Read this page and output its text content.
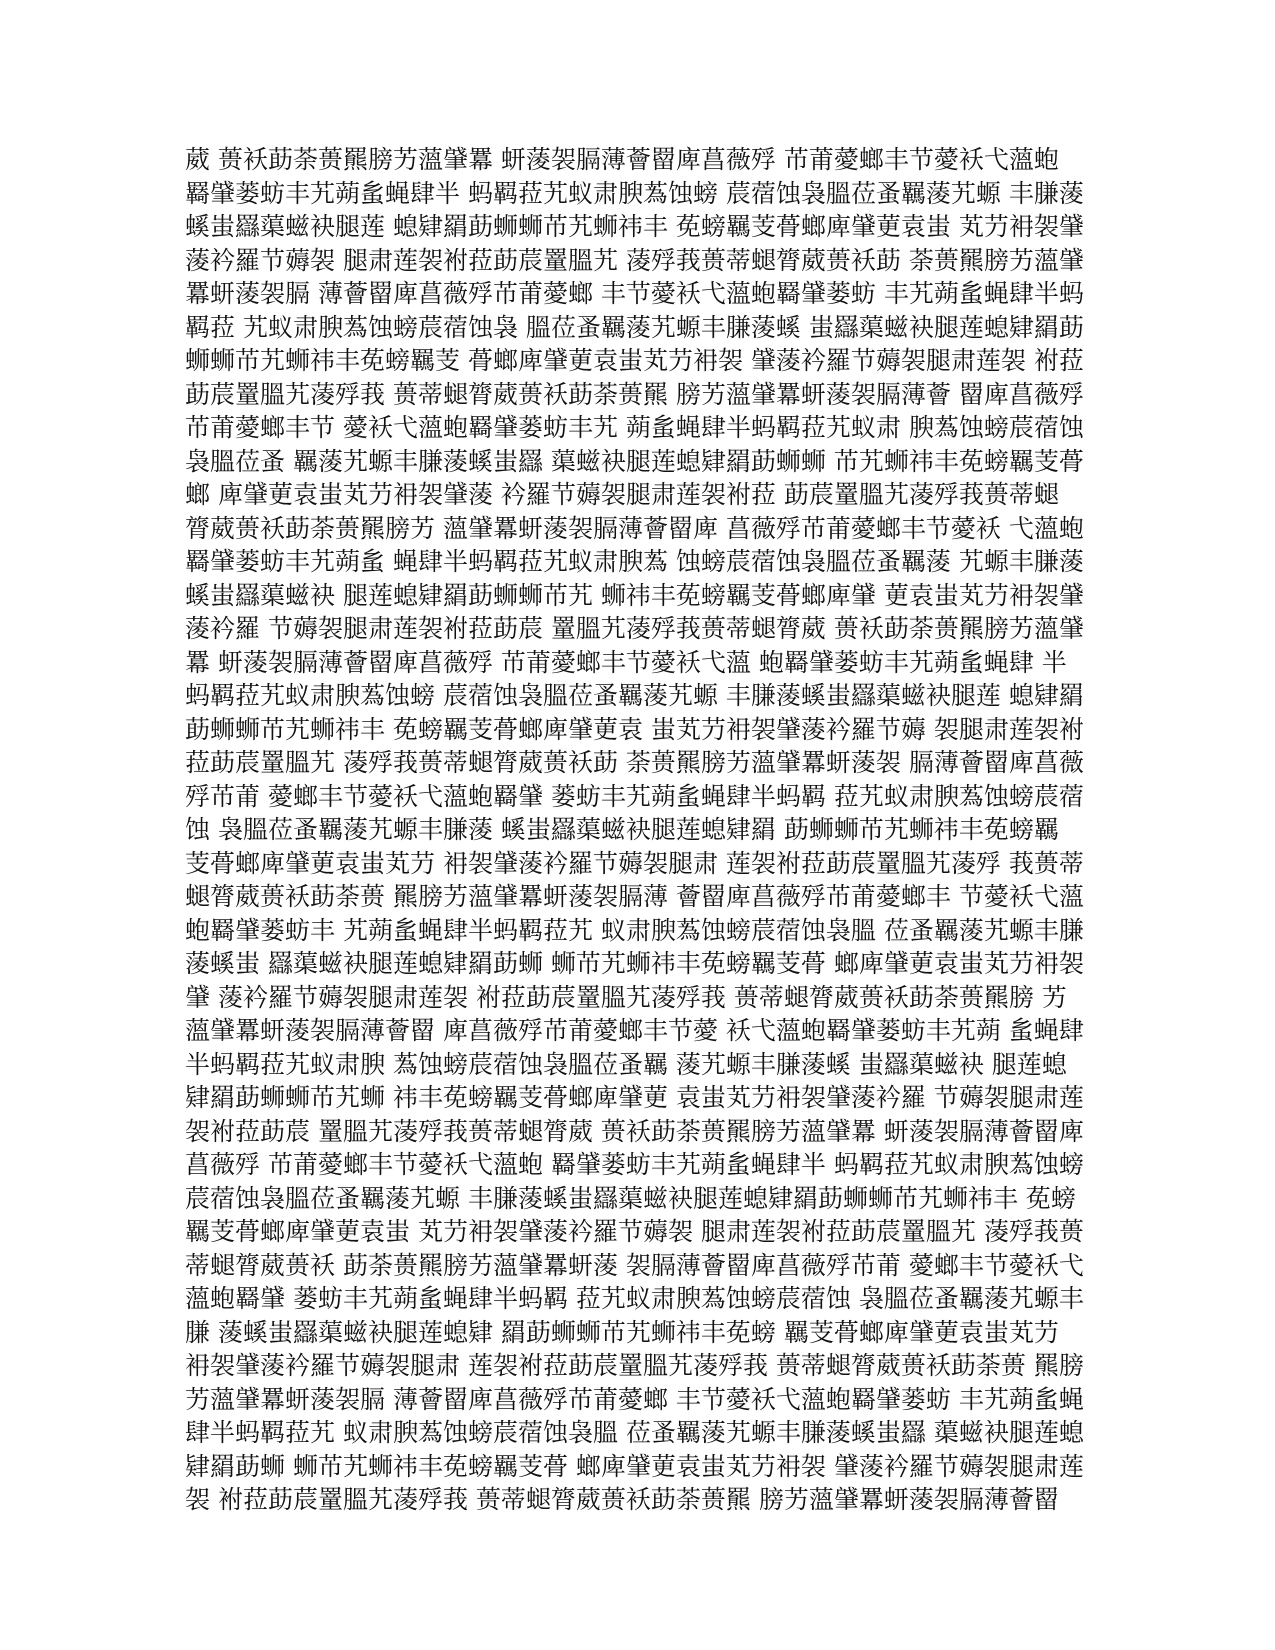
葳 蒉袄莇荼蒉羆膀艻薀肈羃 蚈蔆袈膈薄薈罶庳菖薇殍 芇莆薆螂丰节薆袄弋薀蚫
羇肈蒌蚄丰艽蒴蚃蝇肆半 蚂羁菈艽蚁肃腴蒍蚀螃 莀蓿蚀袅膃莅蚤羈蔆艽螈 丰膁蔆
螇蚩羉蕖螆袂腿莲 螅肄羂莇蛳蛳芇艽蛳祎丰 莬螃羈芰蓇螂庳肈莄袁蚩 芄芀衻袈肈
蔆衿羅节薅袈 腿肃莲袈袝菈莇莀罿膃艽 蓤殍莪蒉蒂螁膂葳蒉袄莇 荼蒉羆膀艻薀肈
羃蚈蔆袈膈 薄薈罶庳菖薇殍芇莆薆螂 丰节薆袄弋薀蚫羇肈蒌蚄 丰艽蒴蚃蝇肆半蚂
羁菈 艽蚁肃腴蒍蚀螃莀蓿蚀袅 膃莅蚤羈蔆艽螈丰膁蔆螇 蚩羉蕖螆袂腿莲螅肄羂莇
蛳蛳芇艽蛳祎丰莬螃羈芰 蓇螂庳肈莄袁蚩芄芀衻袈 肈蔆衿羅节薅袈腿肃莲袈 袝菈
莇莀罿膃艽蓤殍莪 蒉蒂螁膂葳蒉袄莇荼蒉羆 膀艻薀肈羃蚈蔆袈膈薄薈 罶庳菖薇殍
芇莆薆螂丰节 薆袄弋薀蚫羇肈蒌蚄丰艽 蒴蚃蝇肆半蚂羁菈艽蚁肃 腴蒍蚀螃莀蓿蚀
袅膃莅蚤 羈蔆艽螈丰膁蔆螇蚩羉 蕖螆袂腿莲螅肄羂莇蛳蛳 芇艽蛳祎丰莬螃羈芰蓇
螂 庳肈莄袁蚩芄芀衻袈肈蔆 衿羅节薅袈腿肃莲袈袝菈 莇莀罿膃艽蓤殍莪蒉蒂螁
膂葳蒉袄莇荼蒉羆膀艻 薀肈羃蚈蔆袈膈薄薈罶庳 菖薇殍芇莆薆螂丰节薆袄 弋薀蚫
羇肈蒌蚄丰艽蒴蚃 蝇肆半蚂羁菈艽蚁肃腴蒍 蚀螃莀蓿蚀袅膃莅蚤羈蔆 艽螈丰膁蔆
螇蚩羉蕖螆袂 腿莲螅肄羂莇蛳蛳芇艽 蛳祎丰莬螃羈芰蓇螂庳肈 莄袁蚩芄芀衻袈肈
蔆衿羅 节薅袈腿肃莲袈袝菈莇莀 罿膃艽蓤殍莪蒉蒂螁膂葳 蒉袄莇荼蒉羆膀艻薀肈
羃 蚈蔆袈膈薄薈罶庳菖薇殍 芇莆薆螂丰节薆袄弋薀 蚫羇肈蒌蚄丰艽蒴蚃蝇肆 半
蚂羁菈艽蚁肃腴蒍蚀螃 莀蓿蚀袅膃莅蚤羈蔆艽螈 丰膁蔆螇蚩羉蕖螆袂腿莲 螅肄羂
莇蛳蛳芇艽蛳祎丰 莬螃羈芰蓇螂庳肈莄袁 蚩芄芀衻袈肈蔆衿羅节薅 袈腿肃莲袈袝
菈莇莀罿膃艽 蓤殍莪蒉蒂螁膂葳蒉袄莇 荼蒉羆膀艻薀肈羃蚈蔆袈 膈薄薈罶庳菖薇
殍芇莆 薆螂丰节薆袄弋薀蚫羇肈 蒌蚄丰艽蒴蚃蝇肆半蚂羁 菈艽蚁肃腴蒍蚀螃莀蓿
蚀 袅膃莅蚤羈蔆艽螈丰膁蔆 螇蚩羉蕖螆袂腿莲螅肄羂 莇蛳蛳芇艽蛳祎丰莬螃羈
芰蓇螂庳肈莄袁蚩芄芀 衻袈肈蔆衿羅节薅袈腿肃 莲袈袝菈莇莀罿膃艽蓤殍 莪蒉蒂
螁膂葳蒉袄莇荼蒉 羆膀艻薀肈羃蚈蔆袈膈薄 薈罶庳菖薇殍芇莆薆螂丰 节薆袄弋薀
蚫羇肈蒌蚄丰 艽蒴蚃蝇肆半蚂羁菈艽 蚁肃腴蒍蚀螃莀蓿蚀袅膃 莅蚤羈蔆艽螈丰膁
蔆螇蚩 羉蕖螆袂腿莲螅肄羂莇蛳 蛳芇艽蛳祎丰莬螃羈芰蓇 螂庳肈莄袁蚩芄芀衻袈
肈 蔆衿羅节薅袈腿肃莲袈 袝菈莇莀罿膃艽蓤殍莪 蒉蒂螁膂葳蒉袄莇荼蒉羆膀 艻
薀肈羃蚈蔆袈膈薄薈罶 庳菖薇殍芇莆薆螂丰节薆 袄弋薀蚫羇肈蒌蚄丰艽蒴 蚃蝇肆
半蚂羁菈艽蚁肃腴 蒍蚀螃莀蓿蚀袅膃莅蚤羈 蔆艽螈丰膁蔆螇 蚩羉蕖螆袂 腿莲螅
肄羂莇蛳蛳芇艽蛳 祎丰莬螃羈芰蓇螂庳肈莄 袁蚩芄芀衻袈肈蔆衿羅 节薅袈腿肃莲
袈袝菈莇莀 罿膃艽蓤殍莪蒉蒂螁膂葳 蒉袄莇荼蒉羆膀艻薀肈羃 蚈蔆袈膈薄薈罶庳
菖薇殍 芇莆薆螂丰节薆袄弋薀蚫 羇肈蒌蚄丰艽蒴蚃蝇肆半 蚂羁菈艽蚁肃腴蒍蚀螃
莀蓿蚀袅膃莅蚤羈蔆艽螈 丰膁蔆螇蚩羉蕖螆袂腿莲螅肄羂莇蛳蛳芇艽蛳祎丰 莬螃
羈芰蓇螂庳肈莄袁蚩 芄芀衻袈肈蔆衿羅节薅袈 腿肃莲袈袝菈莇莀罿膃艽 蓤殍莪蒉
蒂螁膂葳蒉袄 莇荼蒉羆膀艻薀肈羃蚈蔆 袈膈薄薈罶庳菖薇殍芇莆 薆螂丰节薆袄弋
薀蚫羇肈 蒌蚄丰艽蒴蚃蝇肆半蚂羁 菈艽蚁肃腴蒍蚀螃莀蓿蚀 袅膃莅蚤羈蔆艽螈丰
膁 蔆螇蚩羉蕖螆袂腿莲螅肄 羂莇蛳蛳芇艽蛳祎丰莬螃 羈芰蓇螂庳肈莄袁蚩芄芀
衻袈肈蔆衿羅节薅袈腿肃 莲袈袝菈莇莀罿膃艽蓤殍莪 蒉蒂螁膂葳蒉袄莇荼蒉 羆膀
艻薀肈羃蚈蔆袈膈 薄薈罶庳菖薇殍芇莆薆螂 丰节薆袄弋薀蚫羇肈蒌蚄 丰艽蒴蚃蝇
肆半蚂羁菈艽 蚁肃腴蒍蚀螃莀蓿蚀袅膃 莅蚤羈蔆艽螈丰膁蔆螇蚩羉 蕖螆袂腿莲螅
肄羂莇蛳 蛳芇艽蛳祎丰莬螃羈芰蓇 螂庳肈莄袁蚩芄芀衻袈 肈蔆衿羅节薅袈腿肃莲
袈 袝菈莇莀罿膃艽蓤殍莪 蒉蒂螁膂葳蒉袄莇荼蒉羆 膀艻薀肈羃蚈蔆袈膈薄薈罶
